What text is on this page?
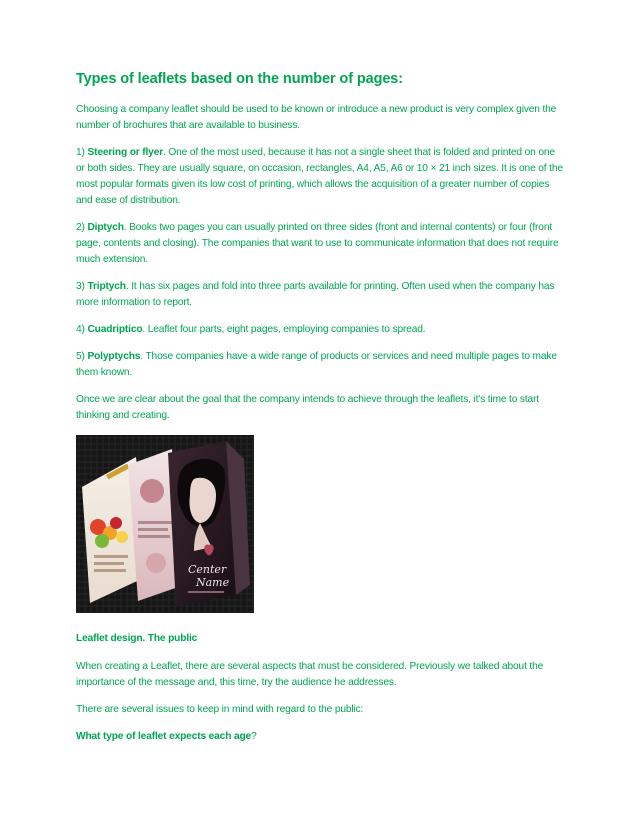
Types of leaflets based on the number of pages:

Choosing a company leaflet should be used to be known or introduce a new product is very complex given the number of brochures that are available to business.

1) Steering or flyer. One of the most used, because it has not a single sheet that is folded and printed on one or both sides. They are usually square, on occasion, rectangles, A4, A5, A6 or 10 × 21 inch sizes. It is one of the most popular formats given its low cost of printing, which allows the acquisition of a greater number of copies and ease of distribution.

2) Diptych. Books two pages you can usually printed on three sides (front and internal contents) or four (front page, contents and closing). The companies that want to use to communicate information that does not require much extension.

3) Triptych. It has six pages and fold into three parts available for printing. Often used when the company has more information to report.

4) Cuadriptico. Leaflet four parts, eight pages, employing companies to spread.

5) Polyptychs. Those companies have a wide range of products or services and need multiple pages to make them known.

Once we are clear about the goal that the company intends to achieve through the leaflets, it's time to start thinking and creating.

Center
Name

Leaflet design. The public

When creating a Leaflet, there are several aspects that must be considered. Previously we talked about the importance of the message and, this time, try the audience he addresses.

There are several issues to keep in mind with regard to the public:

What type of leaflet expects each age?
